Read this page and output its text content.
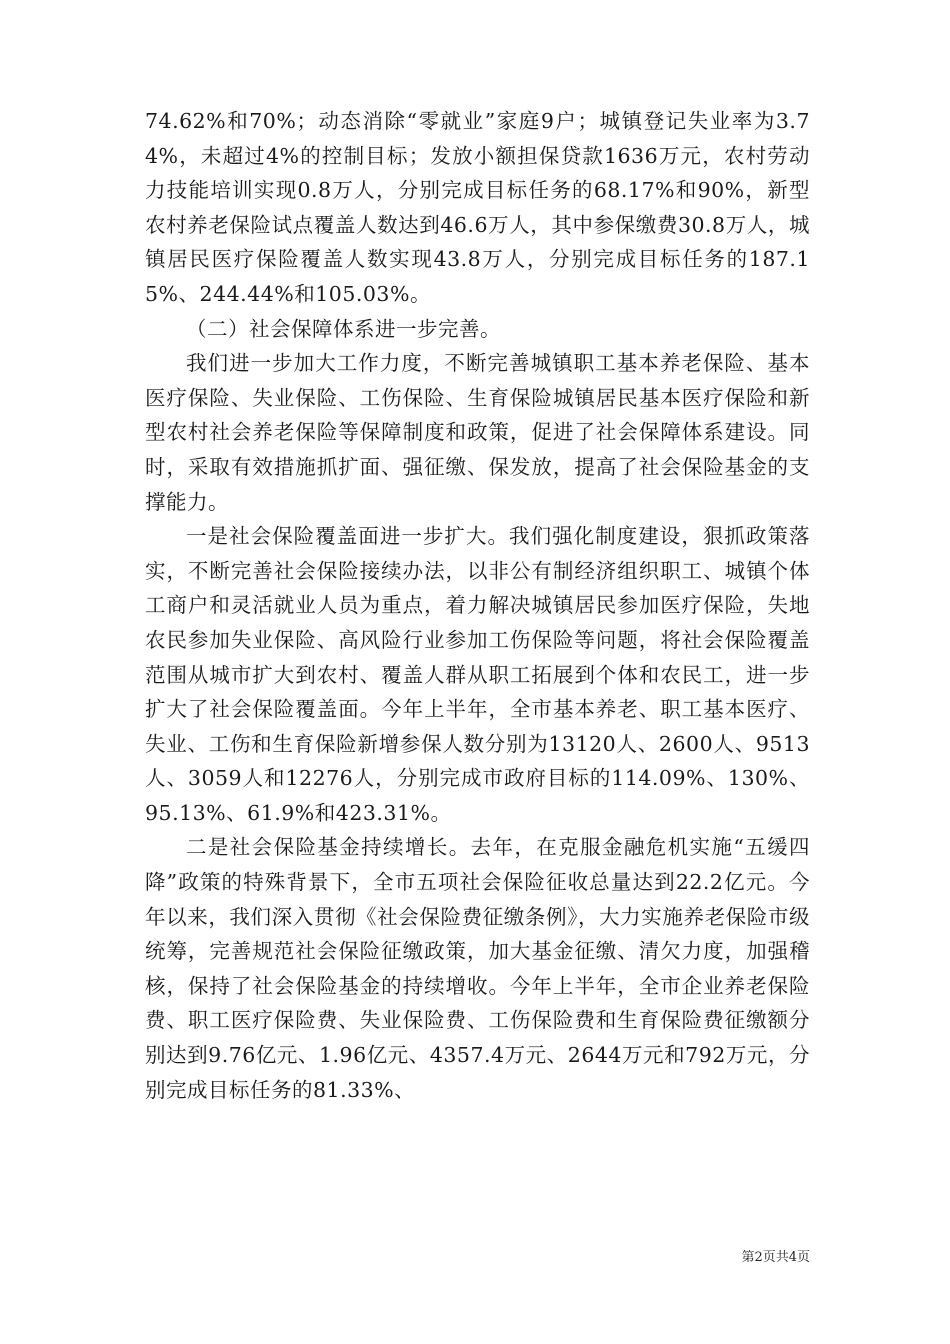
74.62%和70%；动态消除“零就业”家庭9户；城镇登记失业率为3.74%，未超过4%的控制目标；发放小额担保贷款1636万元，农村劳动力技能培训实现0.8万人，分别完成目标任务的68.17%和90%，新型农村养老保险试点覆盖人数达到46.6万人，其中参保缴费30.8万人，城镇居民医疗保险覆盖人数实现43.8万人，分别完成目标任务的187.15%、244.44%和105.03%。

（二）社会保障体系进一步完善。

我们进一步加大工作力度，不断完善城镇职工基本养老保险、基本医疗保险、失业保险、工伤保险、生育保险城镇居民基本医疗保险和新型农村社会养老保险等保障制度和政策，促进了社会保障体系建设。同时，采取有效措施抓扩面、强征缴、保发放，提高了社会保险基金的支撑能力。

一是社会保险覆盖面进一步扩大。我们强化制度建设，狠抓政策落实，不断完善社会保险接续办法，以非公有制经济组织职工、城镇个体工商户和灵活就业人员为重点，着力解决城镇居民参加医疗保险，失地农民参加失业保险、高风险行业参加工伤保险等问题，将社会保险覆盖范围从城市扩大到农村、覆盖人群从职工拓展到个体和农民工，进一步扩大了社会保险覆盖面。今年上半年，全市基本养老、职工基本医疗、失业、工伤和生育保险新增参保人数分别为13120人、2600人、9513人、3059人和12276人，分别完成市政府目标的114.09%、130%、95.13%、61.9%和423.31%。

二是社会保险基金持续增长。去年，在克服金融危机实施“五缓四降”政策的特殊背景下，全市五项社会保险征收总量达到22.2亿元。今年以来，我们深入贯彻《社会保险费征缴条例》，大力实施养老保险市级统筹，完善规范社会保险征缴政策，加大基金征缴、清欠力度，加强稽核，保持了社会保险基金的持续增收。今年上半年，全市企业养老保险费、职工医疗保险费、失业保险费、工伤保险费和生育保险费征缴额分别达到9.76亿元、1.96亿元、4357.4万元、2644万元和792万元，分别完成目标任务的81.33%、

第2页共4页
